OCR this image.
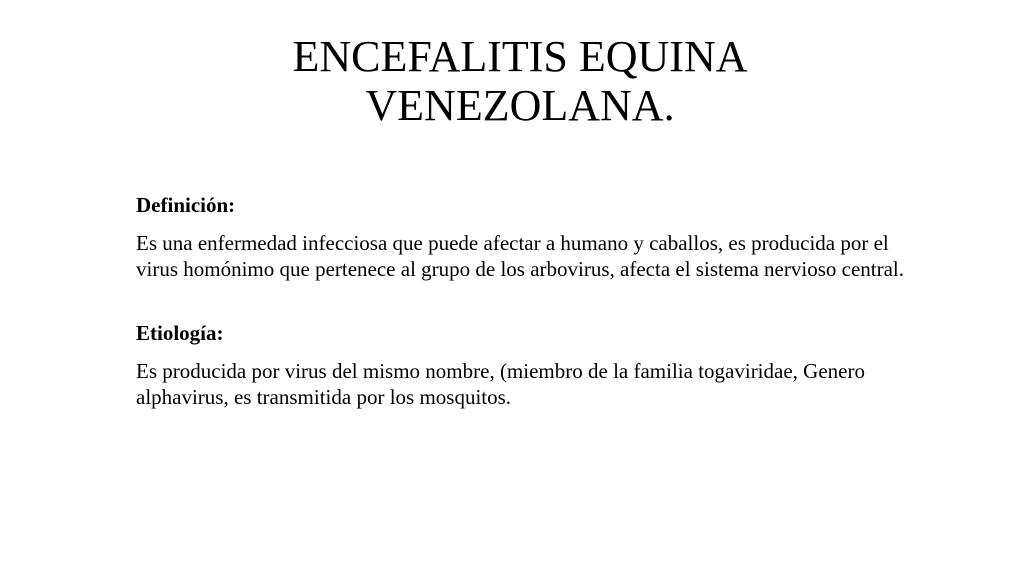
ENCEFALITIS EQUINA
VENEZOLANA.

Definición:

Es una enfermedad infecciosa que puede afectar a humano y caballos, es producida por el virus homónimo que pertenece al grupo de los arbovirus, afecta el sistema nervioso central.

Etiología:

Es producida por virus del mismo nombre, (miembro de la familia togaviridae, Genero alphavirus, es transmitida por los mosquitos.
